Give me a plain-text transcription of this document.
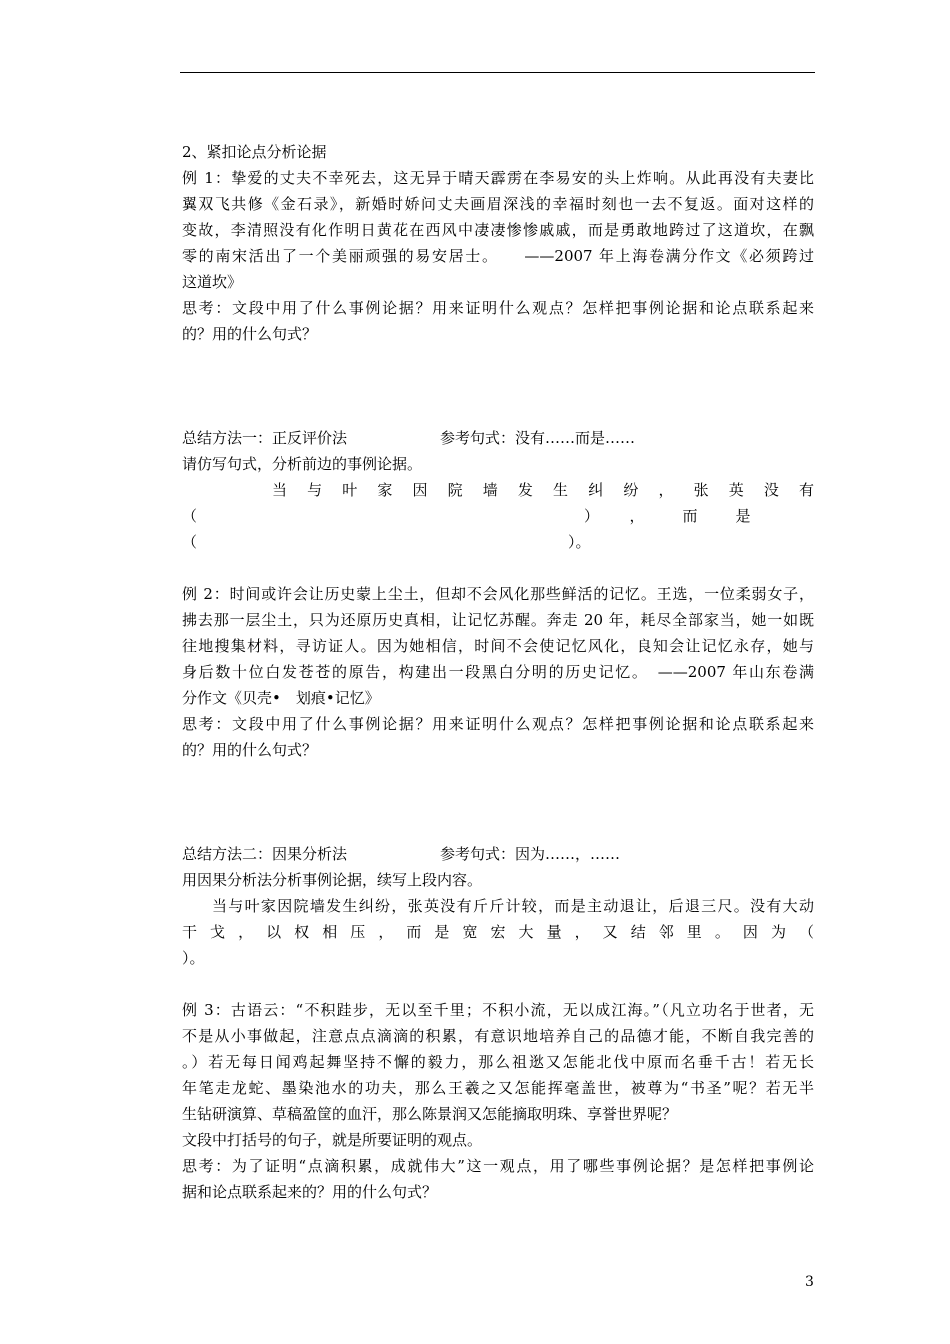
2、紧扣论点分析论据

例 1：挚爱的丈夫不幸死去，这无异于晴天霹雳在李易安的头上炸响。从此再没有夫妻比

翼双飞共修《金石录》，新婚时娇问丈夫画眉深浅的幸福时刻也一去不复返。面对这样的

变故，李清照没有化作明日黄花在西风中凄凄惨惨戚戚，而是勇敢地跨过了这道坎，在飘

零的南宋活出了一个美丽顽强的易安居士。　　——2007 年上海卷满分作文《必须跨过

这道坎》

思考：文段中用了什么事例论据？用来证明什么观点？怎样把事例论据和论点联系起来

的？用的什么句式？

总结方法一：正反评价法	参考句式：没有……而是……

请仿写句式，分析前边的事例论据。

当与叶家因院墙发生纠纷，张英没有

（	），而是
（	）。

例 2：时间或许会让历史蒙上尘土，但却不会风化那些鲜活的记忆。王选，一位柔弱女子，

拂去那一层尘土，只为还原历史真相，让记忆苏醒。奔走 20 年，耗尽全部家当，她一如既

往地搜集材料，寻访证人。因为她相信，时间不会使记忆风化，良知会让记忆永存，她与

身后数十位白发苍苍的原告，构建出一段黑白分明的历史记忆。　——2007 年山东卷满

分作文《贝壳•　划痕•记忆》

思考：文段中用了什么事例论据？用来证明什么观点？怎样把事例论据和论点联系起来

的？用的什么句式？

总结方法二：因果分析法	参考句式：因为……，……

用因果分析法分析事例论据，续写上段内容。

当与叶家因院墙发生纠纷，张英没有斤斤计较，而是主动退让，后退三尺。没有大动

干戈，以权相压，而是宽宏大量，又结邻里。因为（

）。

例 3：古语云：“不积跬步，无以至千里；不积小流，无以成江海。”（凡立功名于世者，无

不是从小事做起，注意点点滴滴的积累，有意识地培养自己的品德才能，不断自我完善的

。）若无每日闻鸡起舞坚持不懈的毅力，那么祖逖又怎能北伐中原而名垂千古！若无长

年笔走龙蛇、墨染池水的功夫，那么王羲之又怎能挥毫盖世，被尊为“书圣”呢？若无半

生钻研演算、草稿盈筐的血汗，那么陈景润又怎能摘取明珠、享誉世界呢？

文段中打括号的句子，就是所要证明的观点。

思考：为了证明“点滴积累，成就伟大”这一观点，用了哪些事例论据？是怎样把事例论

据和论点联系起来的？用的什么句式？

3
